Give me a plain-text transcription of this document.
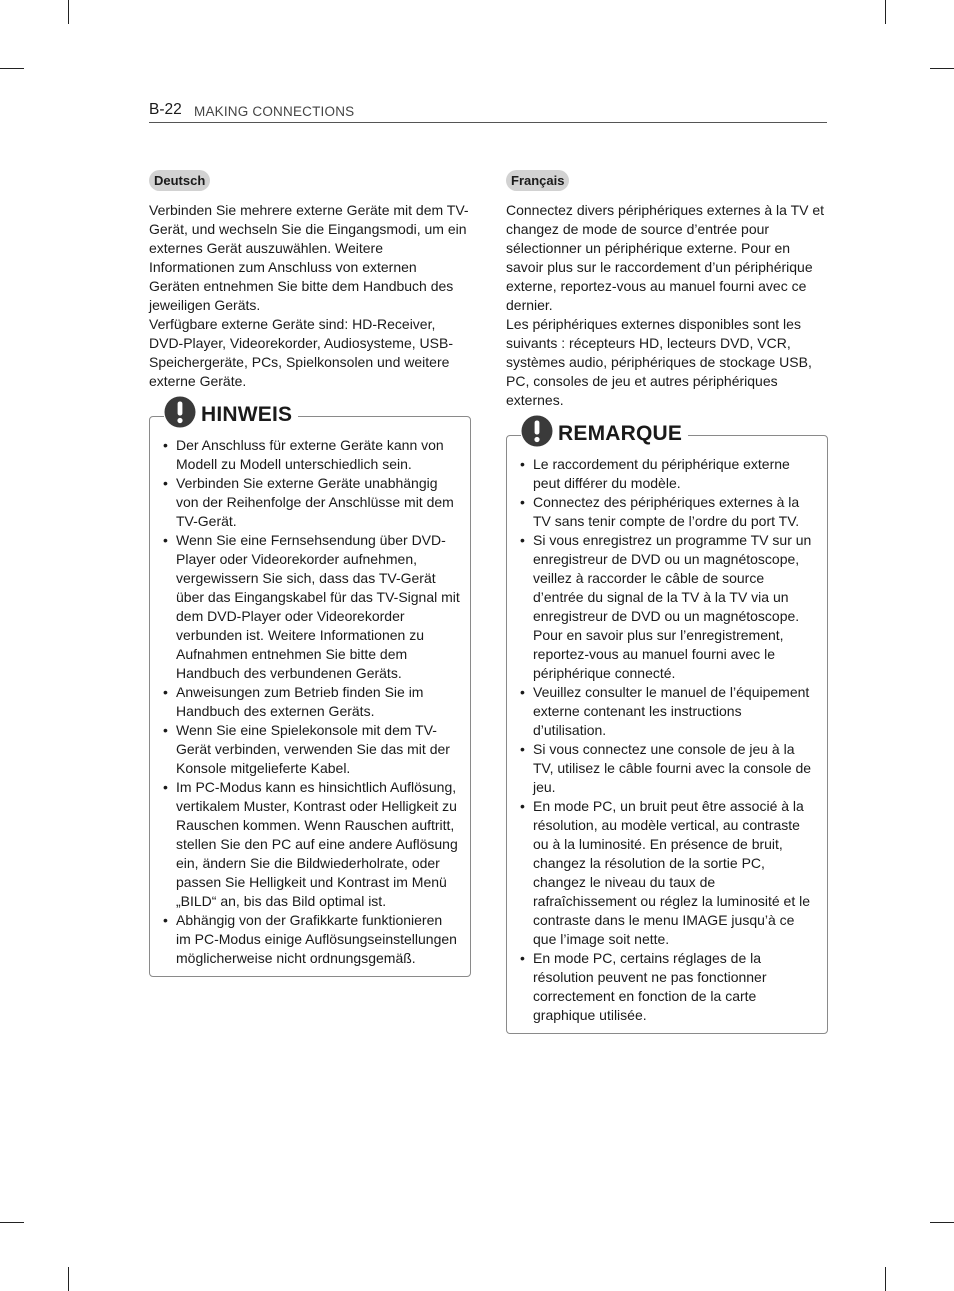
B-22 MAKING CONNECTIONS
Deutsch

Verbinden Sie mehrere externe Geräte mit dem TV-Gerät, und wechseln Sie die Eingangsmodi, um ein externes Gerät auszuwählen. Weitere Informationen zum Anschluss von externen Geräten entnehmen Sie bitte dem Handbuch des jeweiligen Geräts.

Verfügbare externe Geräte sind: HD-Receiver, DVD-Player, Videorekorder, Audiosysteme, USB-Speichergeräte, PCs, Spielkonsolen und weitere externe Geräte.

HINWEIS
• Der Anschluss für externe Geräte kann von Modell zu Modell unterschiedlich sein.
• Verbinden Sie externe Geräte unabhängig von der Reihenfolge der Anschlüsse mit dem TV-Gerät.
• Wenn Sie eine Fernsehsendung über DVD-Player oder Videorekorder aufnehmen, vergewissern Sie sich, dass das TV-Gerät über das Eingangskabel für das TV-Signal mit dem DVD-Player oder Videorekorder verbunden ist. Weitere Informationen zu Aufnahmen entnehmen Sie bitte dem Handbuch des verbundenen Geräts.
• Anweisungen zum Betrieb finden Sie im Handbuch des externen Geräts.
• Wenn Sie eine Spielekonsole mit dem TV-Gerät verbinden, verwenden Sie das mit der Konsole mitgelieferte Kabel.
• Im PC-Modus kann es hinsichtlich Auflösung, vertikalem Muster, Kontrast oder Helligkeit zu Rauschen kommen. Wenn Rauschen auftritt, stellen Sie den PC auf eine andere Auflösung ein, ändern Sie die Bildwiederholrate, oder passen Sie Helligkeit und Kontrast im Menü „BILD“ an, bis das Bild optimal ist.
• Abhängig von der Grafikkarte funktionieren im PC-Modus einige Auflösungseinstellungen möglicherweise nicht ordnungsgemäß.
Français

Connectez divers périphériques externes à la TV et changez de mode de source d’entrée pour sélectionner un périphérique externe. Pour en savoir plus sur le raccordement d’un périphérique externe, reportez-vous au manuel fourni avec ce dernier.

Les périphériques externes disponibles sont les suivants : récepteurs HD, lecteurs DVD, VCR, systèmes audio, périphériques de stockage USB, PC, consoles de jeu et autres périphériques externes.

REMARQUE
• Le raccordement du périphérique externe peut différer du modèle.
• Connectez des périphériques externes à la TV sans tenir compte de l’ordre du port TV.
• Si vous enregistrez un programme TV sur un enregistreur de DVD ou un magnétoscope, veillez à raccorder le câble de source d’entrée du signal de la TV à la TV via un enregistreur de DVD ou un magnétoscope. Pour en savoir plus sur l’enregistrement, reportez-vous au manuel fourni avec le périphérique connecté.
• Veuillez consulter le manuel de l’équipement externe contenant les instructions d’utilisation.
• Si vous connectez une console de jeu à la TV, utilisez le câble fourni avec la console de jeu.
• En mode PC, un bruit peut être associé à la résolution, au modèle vertical, au contraste ou à la luminosité. En présence de bruit, changez la résolution de la sortie PC, changez le niveau du taux de rafraîchissement ou réglez la luminosité et le contraste dans le menu IMAGE jusqu’à ce que l’image soit nette.
• En mode PC, certains réglages de la résolution peuvent ne pas fonctionner correctement en fonction de la carte graphique utilisée.
